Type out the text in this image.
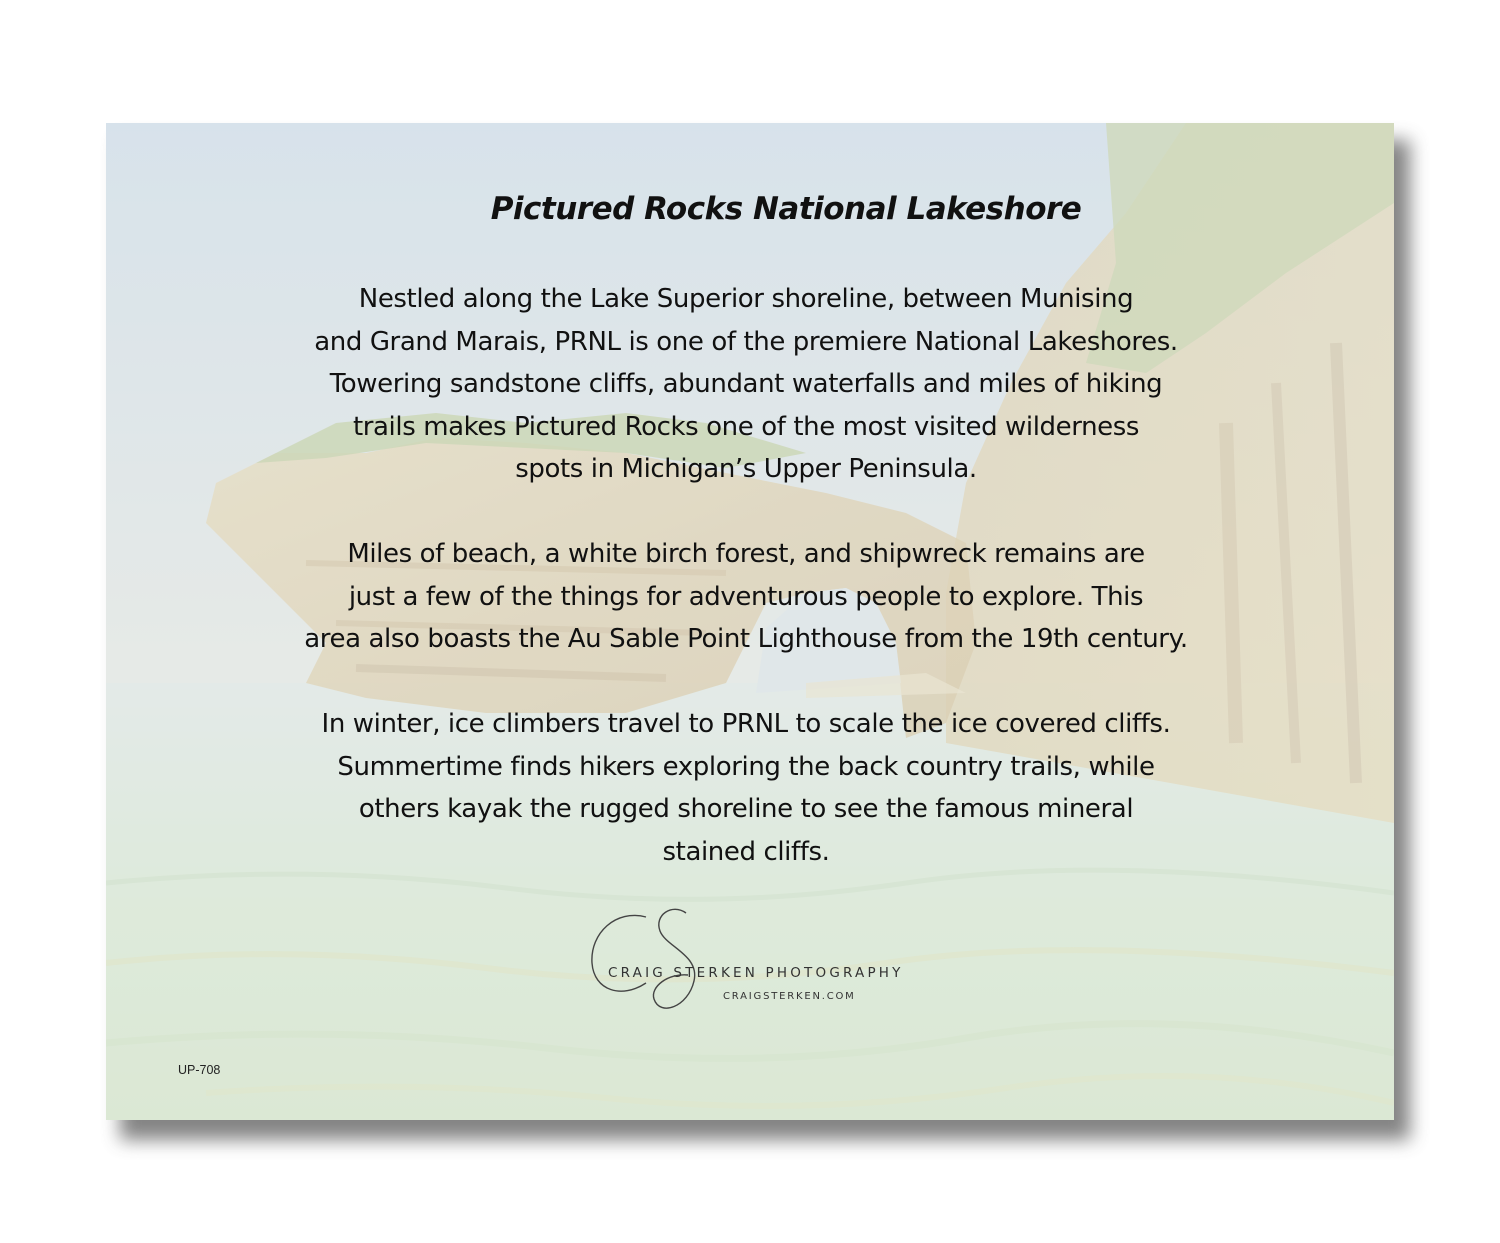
Pictured Rocks National Lakeshore
Nestled along the Lake Superior shoreline, between Munising
and Grand Marais, PRNL is one of the premiere National Lakeshores.
Towering sandstone cliffs, abundant waterfalls and miles of hiking
trails makes Pictured Rocks one of the most visited wilderness
spots in Michigan’s Upper Peninsula.
Miles of beach, a white birch forest, and shipwreck remains are
just a few of the things for adventurous people to explore. This
area also boasts the Au Sable Point Lighthouse from the 19th century.
In winter, ice climbers travel to PRNL to scale the ice covered cliffs.
Summertime finds hikers exploring the back country trails, while
others kayak the rugged shoreline to see the famous mineral
stained cliffs.
CRAIG STERKEN PHOTOGRAPHY
CRAIGSTERKEN.COM
UP-708
